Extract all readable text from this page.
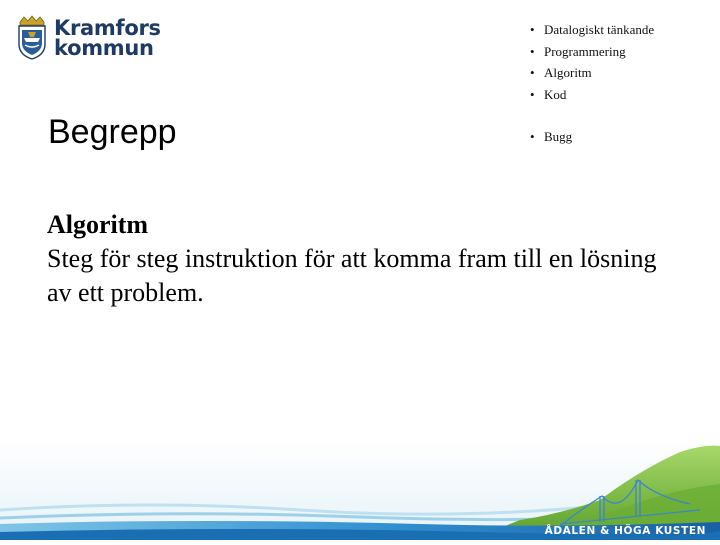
Kramfors
kommun
• Datalogiskt tänkande
• Programmering
• Algoritm
• Kod
• Bugg
Begrepp
Algoritm
Steg för steg instruktion för att komma fram till en lösning av ett problem.
ÅDALEN & HÖGA KUSTEN
